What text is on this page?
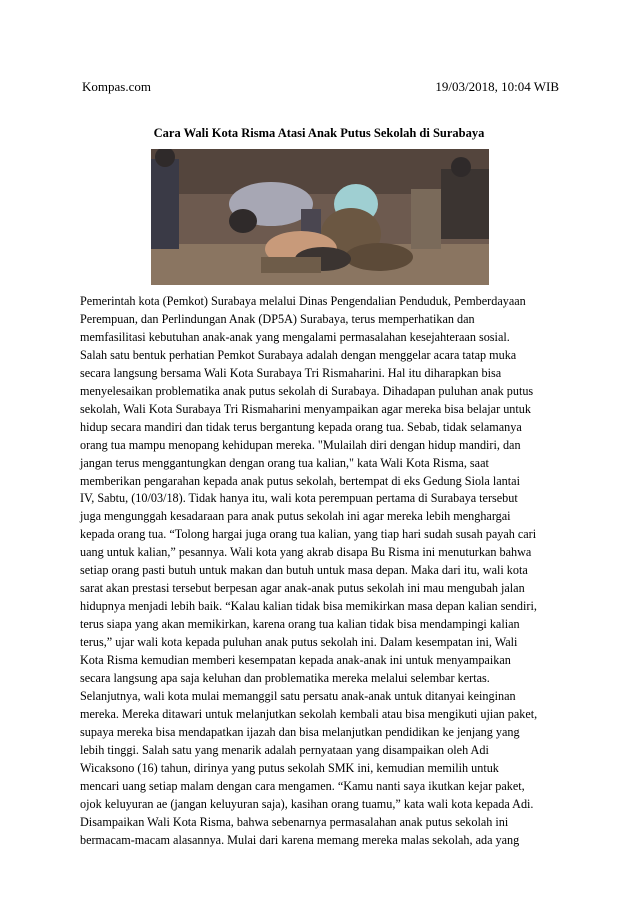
Kompas.com	19/03/2018, 10:04 WIB
Cara Wali Kota Risma Atasi Anak Putus Sekolah di Surabaya
Pemerintah kota (Pemkot) Surabaya melalui Dinas Pengendalian Penduduk, Pemberdayaan
Perempuan, dan Perlindungan Anak (DP5A) Surabaya, terus memperhatikan dan
memfasilitasi kebutuhan anak-anak yang mengalami permasalahan kesejahteraan sosial.
Salah satu bentuk perhatian Pemkot Surabaya adalah dengan menggelar acara tatap muka
secara langsung bersama Wali Kota Surabaya Tri Rismaharini. Hal itu diharapkan bisa
menyelesaikan problematika anak putus sekolah di Surabaya. Dihadapan puluhan anak putus
sekolah, Wali Kota Surabaya Tri Rismaharini menyampaikan agar mereka bisa belajar untuk
hidup secara mandiri dan tidak terus bergantung kepada orang tua. Sebab, tidak selamanya
orang tua mampu menopang kehidupan mereka. "Mulailah diri dengan hidup mandiri, dan
jangan terus menggantungkan dengan orang tua kalian," kata Wali Kota Risma, saat
memberikan pengarahan kepada anak putus sekolah, bertempat di eks Gedung Siola lantai
IV, Sabtu, (10/03/18). Tidak hanya itu, wali kota perempuan pertama di Surabaya tersebut
juga mengunggah kesadaraan para anak putus sekolah ini agar mereka lebih menghargai
kepada orang tua. “Tolong hargai juga orang tua kalian, yang tiap hari sudah susah payah cari
uang untuk kalian,” pesannya. Wali kota yang akrab disapa Bu Risma ini menuturkan bahwa
setiap orang pasti butuh untuk makan dan butuh untuk masa depan. Maka dari itu, wali kota
sarat akan prestasi tersebut berpesan agar anak-anak putus sekolah ini mau mengubah jalan
hidupnya menjadi lebih baik. “Kalau kalian tidak bisa memikirkan masa depan kalian sendiri,
terus siapa yang akan memikirkan, karena orang tua kalian tidak bisa mendampingi kalian
terus,” ujar wali kota kepada puluhan anak putus sekolah ini. Dalam kesempatan ini, Wali
Kota Risma kemudian memberi kesempatan kepada anak-anak ini untuk menyampaikan
secara langsung apa saja keluhan dan problematika mereka melalui selembar kertas.
Selanjutnya, wali kota mulai memanggil satu persatu anak-anak untuk ditanyai keinginan
mereka. Mereka ditawari untuk melanjutkan sekolah kembali atau bisa mengikuti ujian paket,
supaya mereka bisa mendapatkan ijazah dan bisa melanjutkan pendidikan ke jenjang yang
lebih tinggi. Salah satu yang menarik adalah pernyataan yang disampaikan oleh Adi
Wicaksono (16) tahun, dirinya yang putus sekolah SMK ini, kemudian memilih untuk
mencari uang setiap malam dengan cara mengamen. “Kamu nanti saya ikutkan kejar paket,
ojok keluyuran ae (jangan keluyuran saja), kasihan orang tuamu,” kata wali kota kepada Adi.
Disampaikan Wali Kota Risma, bahwa sebenarnya permasalahan anak putus sekolah ini
bermacam-macam alasannya. Mulai dari karena memang mereka malas sekolah, ada yang
